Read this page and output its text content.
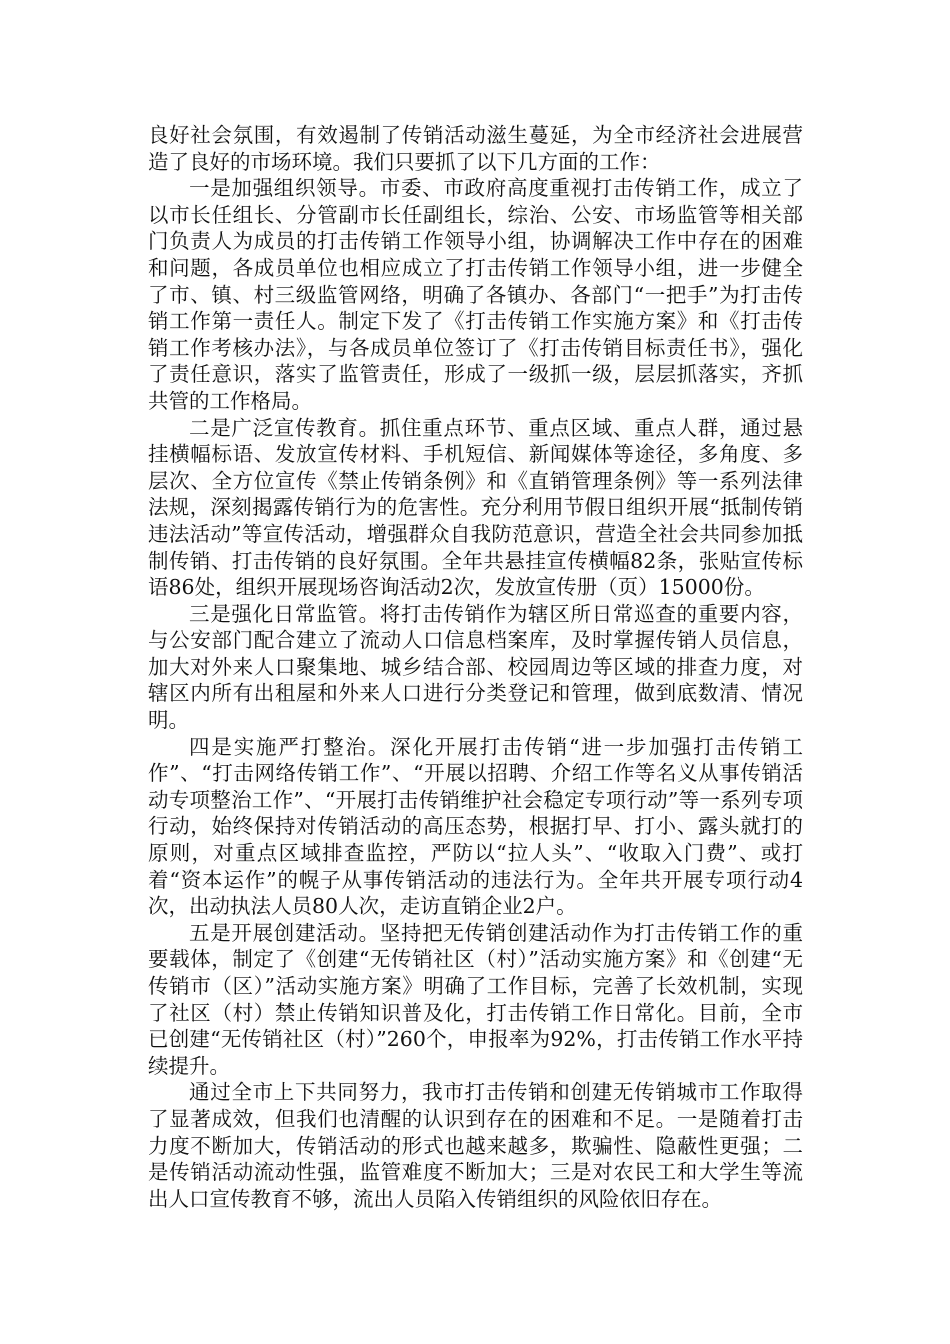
良好社会氛围，有效遏制了传销活动滋生蔓延，为全市经济社会进展营造了良好的市场环境。我们只要抓了以下几方面的工作：

一是加强组织领导。市委、市政府高度重视打击传销工作，成立了以市长任组长、分管副市长任副组长，综治、公安、市场监管等相关部门负责人为成员的打击传销工作领导小组，协调解决工作中存在的困难和问题，各成员单位也相应成立了打击传销工作领导小组，进一步健全了市、镇、村三级监管网络，明确了各镇办、各部门“一把手”为打击传销工作第一责任人。制定下发了《打击传销工作实施方案》和《打击传销工作考核办法》，与各成员单位签订了《打击传销目标责任书》，强化了责任意识，落实了监管责任，形成了一级抓一级，层层抓落实，齐抓共管的工作格局。

二是广泛宣传教育。抓住重点环节、重点区域、重点人群，通过悬挂横幅标语、发放宣传材料、手机短信、新闻媒体等途径，多角度、多层次、全方位宣传《禁止传销条例》和《直销管理条例》等一系列法律法规，深刻揭露传销行为的危害性。充分利用节假日组织开展“抵制传销违法活动”等宣传活动，增强群众自我防范意识，营造全社会共同参加抵制传销、打击传销的良好氛围。全年共悬挂宣传横幅82条，张贴宣传标语86处，组织开展现场咨询活动2次，发放宣传册（页）15000份。

三是强化日常监管。将打击传销作为辖区所日常巡查的重要内容，与公安部门配合建立了流动人口信息档案库，及时掌握传销人员信息，加大对外来人口聚集地、城乡结合部、校园周边等区域的排查力度，对辖区内所有出租屋和外来人口进行分类登记和管理，做到底数清、情况明。

四是实施严打整治。深化开展打击传销“进一步加强打击传销工作”、“打击网络传销工作”、“开展以招聘、介绍工作等名义从事传销活动专项整治工作”、“开展打击传销维护社会稳定专项行动”等一系列专项行动，始终保持对传销活动的高压态势，根据打早、打小、露头就打的原则，对重点区域排查监控，严防以“拉人头”、“收取入门费”、或打着“资本运作”的幌子从事传销活动的违法行为。全年共开展专项行动4次，出动执法人员80人次，走访直销企业2户。

五是开展创建活动。坚持把无传销创建活动作为打击传销工作的重要载体，制定了《创建“无传销社区（村）”活动实施方案》和《创建“无传销市（区）”活动实施方案》明确了工作目标，完善了长效机制，实现了社区（村）禁止传销知识普及化，打击传销工作日常化。目前，全市已创建“无传销社区（村）”260个，申报率为92%，打击传销工作水平持续提升。

通过全市上下共同努力，我市打击传销和创建无传销城市工作取得了显著成效，但我们也清醒的认识到存在的困难和不足。一是随着打击力度不断加大，传销活动的形式也越来越多，欺骗性、隐蔽性更强；二是传销活动流动性强，监管难度不断加大；三是对农民工和大学生等流出人口宣传教育不够，流出人员陷入传销组织的风险依旧存在。
